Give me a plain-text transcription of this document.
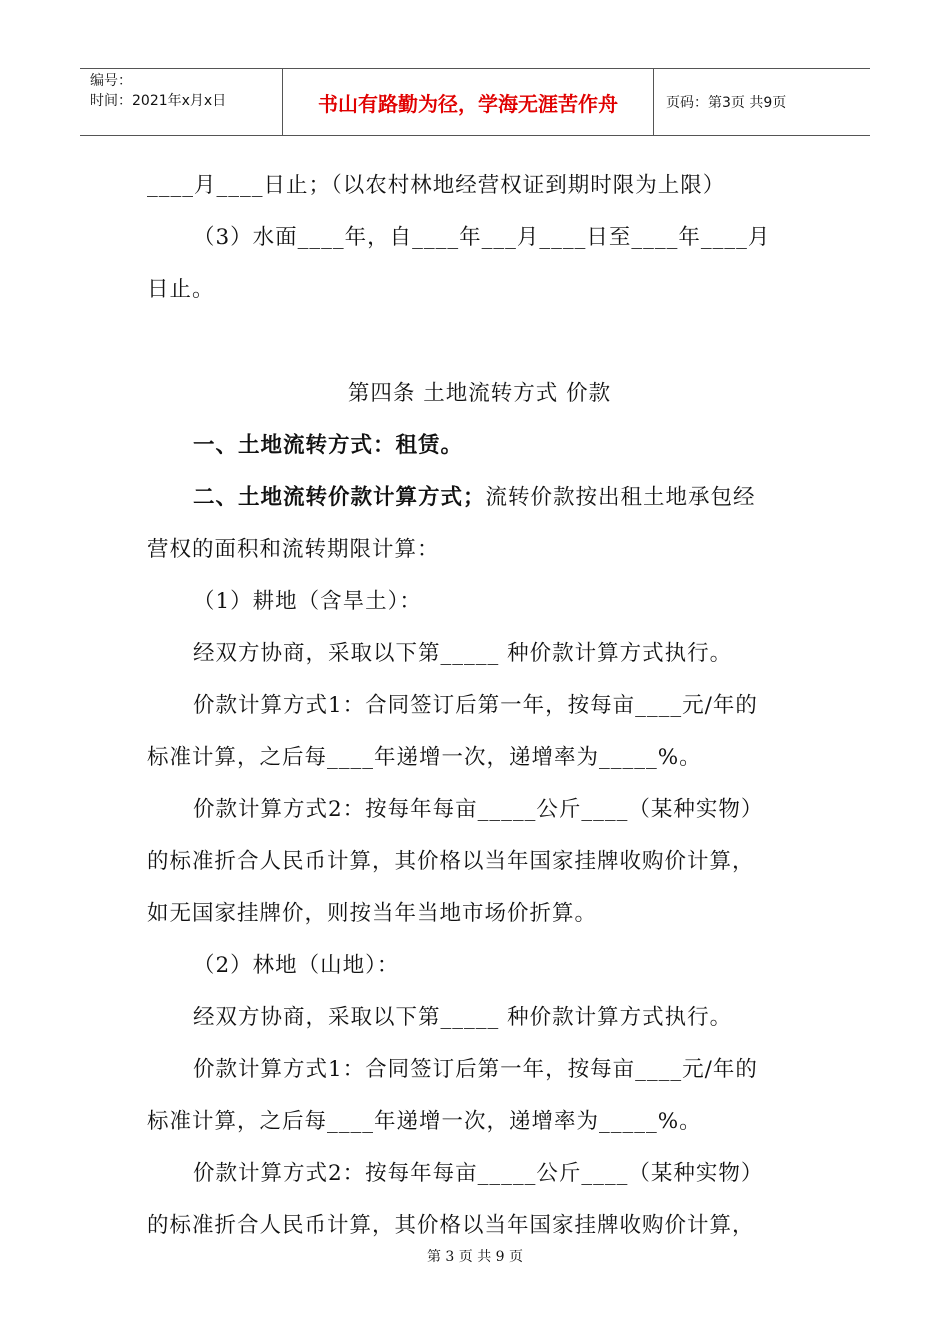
编号：
时间：2021年x月x日	书山有路勤为径，学海无涯苦作舟	页码：第3页 共9页
____月____日止；（以农村林地经营权证到期时限为上限）
（3）水面____年，自____年___月____日至____年____月
日止。
第四条 土地流转方式 价款
一、土地流转方式：租赁。
二、土地流转价款计算方式；流转价款按出租土地承包经
营权的面积和流转期限计算：
（1）耕地（含旱土）：
经双方协商，采取以下第_____ 种价款计算方式执行。
价款计算方式1：合同签订后第一年，按每亩____元/年的
标准计算，之后每____年递增一次，递增率为_____%。
价款计算方式2：按每年每亩_____公斤____（某种实物）
的标准折合人民币计算，其价格以当年国家挂牌收购价计算，
如无国家挂牌价，则按当年当地市场价折算。
（2）林地（山地）：
经双方协商，采取以下第_____ 种价款计算方式执行。
价款计算方式1：合同签订后第一年，按每亩____元/年的
标准计算，之后每____年递增一次，递增率为_____%。
价款计算方式2：按每年每亩_____公斤____（某种实物）
的标准折合人民币计算，其价格以当年国家挂牌收购价计算，
第 3 页 共 9 页
